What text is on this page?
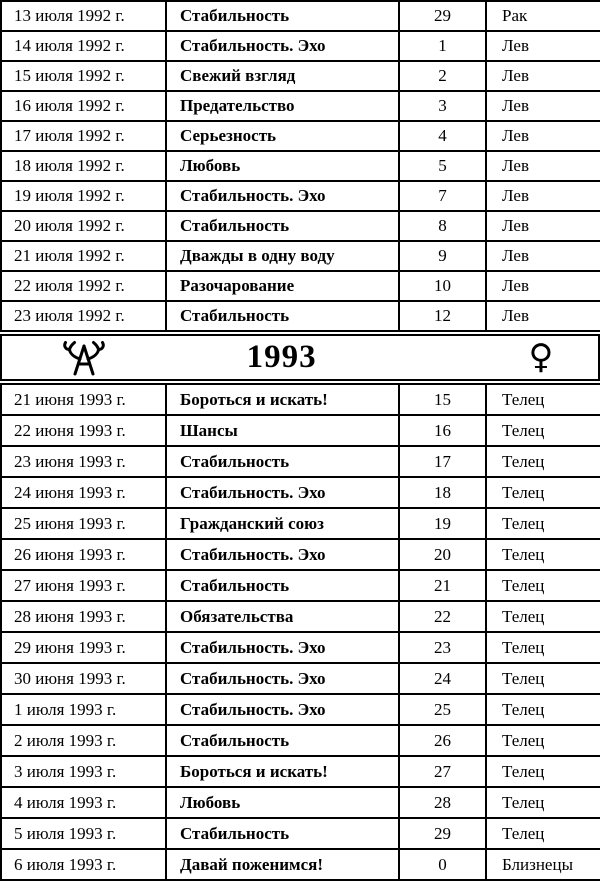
13 июля 1992 г.	Стабильность	29	Рак
14 июля 1992 г.	Стабильность. Эхо	1	Лев
15 июля 1992 г.	Свежий взгляд	2	Лев
16 июля 1992 г.	Предательство	3	Лев
17 июля 1992 г.	Серьезность	4	Лев
18 июля 1992 г.	Любовь	5	Лев
19 июля 1992 г.	Стабильность. Эхо	7	Лев
20 июля 1992 г.	Стабильность	8	Лев
21 июля 1992 г.	Дважды в одну воду	9	Лев
22 июля 1992 г.	Разочарование	10	Лев
23 июля 1992 г.	Стабильность	12	Лев
1993	♀
21 июня 1993 г.	Бороться и искать!	15	Телец
22 июня 1993 г.	Шансы	16	Телец
23 июня 1993 г.	Стабильность	17	Телец
24 июня 1993 г.	Стабильность. Эхо	18	Телец
25 июня 1993 г.	Гражданский союз	19	Телец
26 июня 1993 г.	Стабильность. Эхо	20	Телец
27 июня 1993 г.	Стабильность	21	Телец
28 июня 1993 г.	Обязательства	22	Телец
29 июня 1993 г.	Стабильность. Эхо	23	Телец
30 июня 1993 г.	Стабильность. Эхо	24	Телец
1 июля 1993 г.	Стабильность. Эхо	25	Телец
2 июля 1993 г.	Стабильность	26	Телец
3 июля 1993 г.	Бороться и искать!	27	Телец
4 июля 1993 г.	Любовь	28	Телец
5 июля 1993 г.	Стабильность	29	Телец
6 июля 1993 г.	Давай поженимся!	0	Близнецы
